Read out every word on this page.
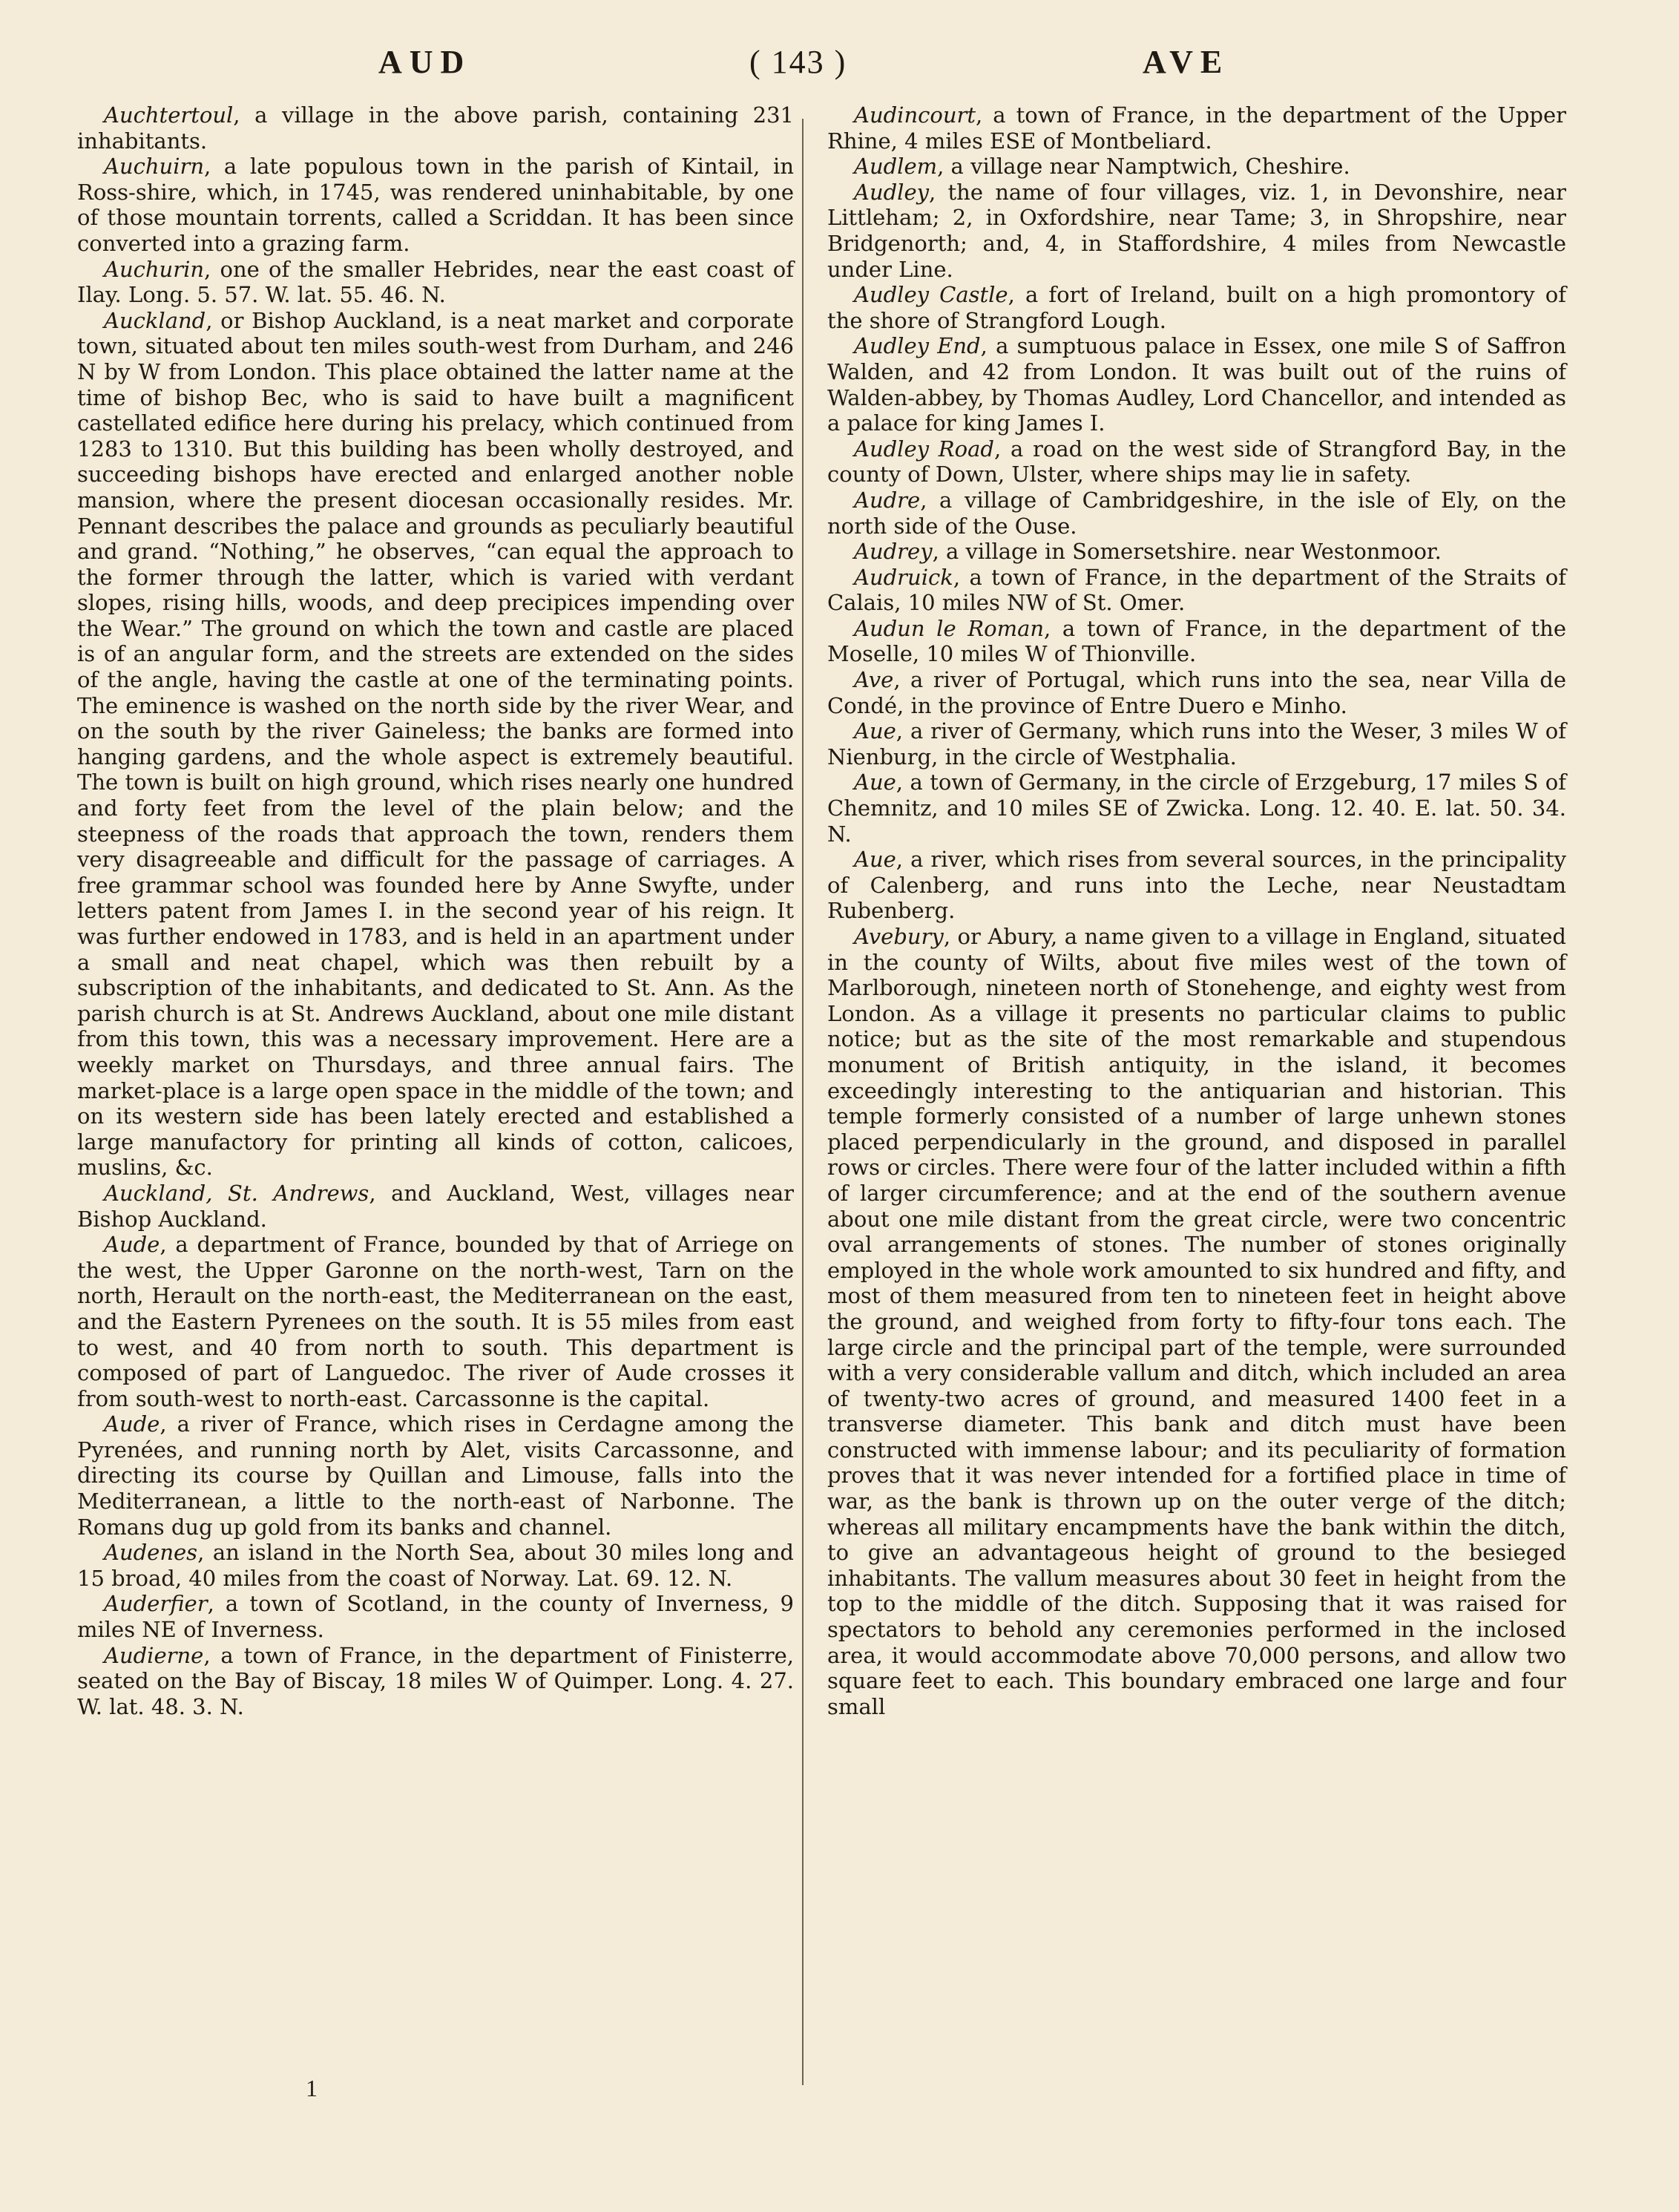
AUD	( 143 )	AVE

Auchtertoul, a village in the above parish, containing 231 inhabitants.

Auchuirn, a late populous town in the parish of Kintail, in Ross-shire, which, in 1745, was rendered uninhabitable, by one of those mountain torrents, called a Scriddan. It has been since converted into a grazing farm.

Auchurin, one of the smaller Hebrides, near the east coast of Ilay. Long. 5. 57. W. lat. 55. 46. N.

Auckland, or Bishop Auckland, is a neat market and corporate town, situated about ten miles south-west from Durham, and 246 N by W from London. This place obtained the latter name at the time of bishop Bec, who is said to have built a magnificent castellated edifice here during his prelacy, which continued from 1283 to 1310. But this building has been wholly destroyed, and succeeding bishops have erected and enlarged another noble mansion, where the present diocesan occasionally resides. Mr. Pennant describes the palace and grounds as peculiarly beautiful and grand. “Nothing,” he observes, “can equal the approach to the former through the latter, which is varied with verdant slopes, rising hills, woods, and deep precipices impending over the Wear.” The ground on which the town and castle are placed is of an angular form, and the streets are extended on the sides of the angle, having the castle at one of the terminating points. The eminence is washed on the north side by the river Wear, and on the south by the river Gaineless; the banks are formed into hanging gardens, and the whole aspect is extremely beautiful. The town is built on high ground, which rises nearly one hundred and forty feet from the level of the plain below; and the steepness of the roads that approach the town, renders them very disagreeable and difficult for the passage of carriages. A free grammar school was founded here by Anne Swyfte, under letters patent from James I. in the second year of his reign. It was further endowed in 1783, and is held in an apartment under a small and neat chapel, which was then rebuilt by a subscription of the inhabitants, and dedicated to St. Ann. As the parish church is at St. Andrews Auckland, about one mile distant from this town, this was a necessary improvement. Here are a weekly market on Thursdays, and three annual fairs. The market-place is a large open space in the middle of the town; and on its western side has been lately erected and established a large manufactory for printing all kinds of cotton, calicoes, muslins, &c.

Auckland, St. Andrews, and Auckland, West, villages near Bishop Auckland.

Aude, a department of France, bounded by that of Arriege on the west, the Upper Garonne on the north-west, Tarn on the north, Herault on the north-east, the Mediterranean on the east, and the Eastern Pyrenees on the south. It is 55 miles from east to west, and 40 from north to south. This department is composed of part of Languedoc. The river of Aude crosses it from south-west to north-east. Carcassonne is the capital.

Aude, a river of France, which rises in Cerdagne among the Pyrenées, and running north by Alet, visits Carcassonne, and directing its course by Quillan and Limouse, falls into the Mediterranean, a little to the north-east of Narbonne. The Romans dug up gold from its banks and channel.

Audenes, an island in the North Sea, about 30 miles long and 15 broad, 40 miles from the coast of Norway. Lat. 69. 12. N.

Auderfier, a town of Scotland, in the county of Inverness, 9 miles NE of Inverness.

Audierne, a town of France, in the department of Finisterre, seated on the Bay of Biscay, 18 miles W of Quimper. Long. 4. 27. W. lat. 48. 3. N.

Audincourt, a town of France, in the department of the Upper Rhine, 4 miles ESE of Montbeliard.

Audlem, a village near Namptwich, Cheshire.

Audley, the name of four villages, viz. 1, in Devonshire, near Littleham; 2, in Oxfordshire, near Tame; 3, in Shropshire, near Bridgenorth; and, 4, in Staffordshire, 4 miles from Newcastle under Line.

Audley Castle, a fort of Ireland, built on a high promontory of the shore of Strangford Lough.

Audley End, a sumptuous palace in Essex, one mile S of Saffron Walden, and 42 from London. It was built out of the ruins of Walden-abbey, by Thomas Audley, Lord Chancellor, and intended as a palace for king James I.

Audley Road, a road on the west side of Strangford Bay, in the county of Down, Ulster, where ships may lie in safety.

Audre, a village of Cambridgeshire, in the isle of Ely, on the north side of the Ouse.

Audrey, a village in Somersetshire. near Westonmoor.

Audruick, a town of France, in the department of the Straits of Calais, 10 miles NW of St. Omer.

Audun le Roman, a town of France, in the department of the Moselle, 10 miles W of Thionville.

Ave, a river of Portugal, which runs into the sea, near Villa de Condé, in the province of Entre Duero e Minho.

Aue, a river of Germany, which runs into the Weser, 3 miles W of Nienburg, in the circle of Westphalia.

Aue, a town of Germany, in the circle of Erzgeburg, 17 miles S of Chemnitz, and 10 miles SE of Zwicka. Long. 12. 40. E. lat. 50. 34. N.

Aue, a river, which rises from several sources, in the principality of Calenberg, and runs into the Leche, near Neustadtam Rubenberg.

Avebury, or Abury, a name given to a village in England, situated in the county of Wilts, about five miles west of the town of Marlborough, nineteen north of Stonehenge, and eighty west from London. As a village it presents no particular claims to public notice; but as the site of the most remarkable and stupendous monument of British antiquity, in the island, it becomes exceedingly interesting to the antiquarian and historian. This temple formerly consisted of a number of large unhewn stones placed perpendicularly in the ground, and disposed in parallel rows or circles. There were four of the latter included within a fifth of larger circumference; and at the end of the southern avenue about one mile distant from the great circle, were two concentric oval arrangements of stones. The number of stones originally employed in the whole work amounted to six hundred and fifty, and most of them measured from ten to nineteen feet in height above the ground, and weighed from forty to fifty-four tons each. The large circle and the principal part of the temple, were surrounded with a very considerable vallum and ditch, which included an area of twenty-two acres of ground, and measured 1400 feet in a transverse diameter. This bank and ditch must have been constructed with immense labour; and its peculiarity of formation proves that it was never intended for a fortified place in time of war, as the bank is thrown up on the outer verge of the ditch; whereas all military encampments have the bank within the ditch, to give an advantageous height of ground to the besieged inhabitants. The vallum measures about 30 feet in height from the top to the middle of the ditch. Supposing that it was raised for spectators to behold any ceremonies performed in the inclosed area, it would accommodate above 70,000 persons, and allow two square feet to each. This boundary embraced one large and four small

1
